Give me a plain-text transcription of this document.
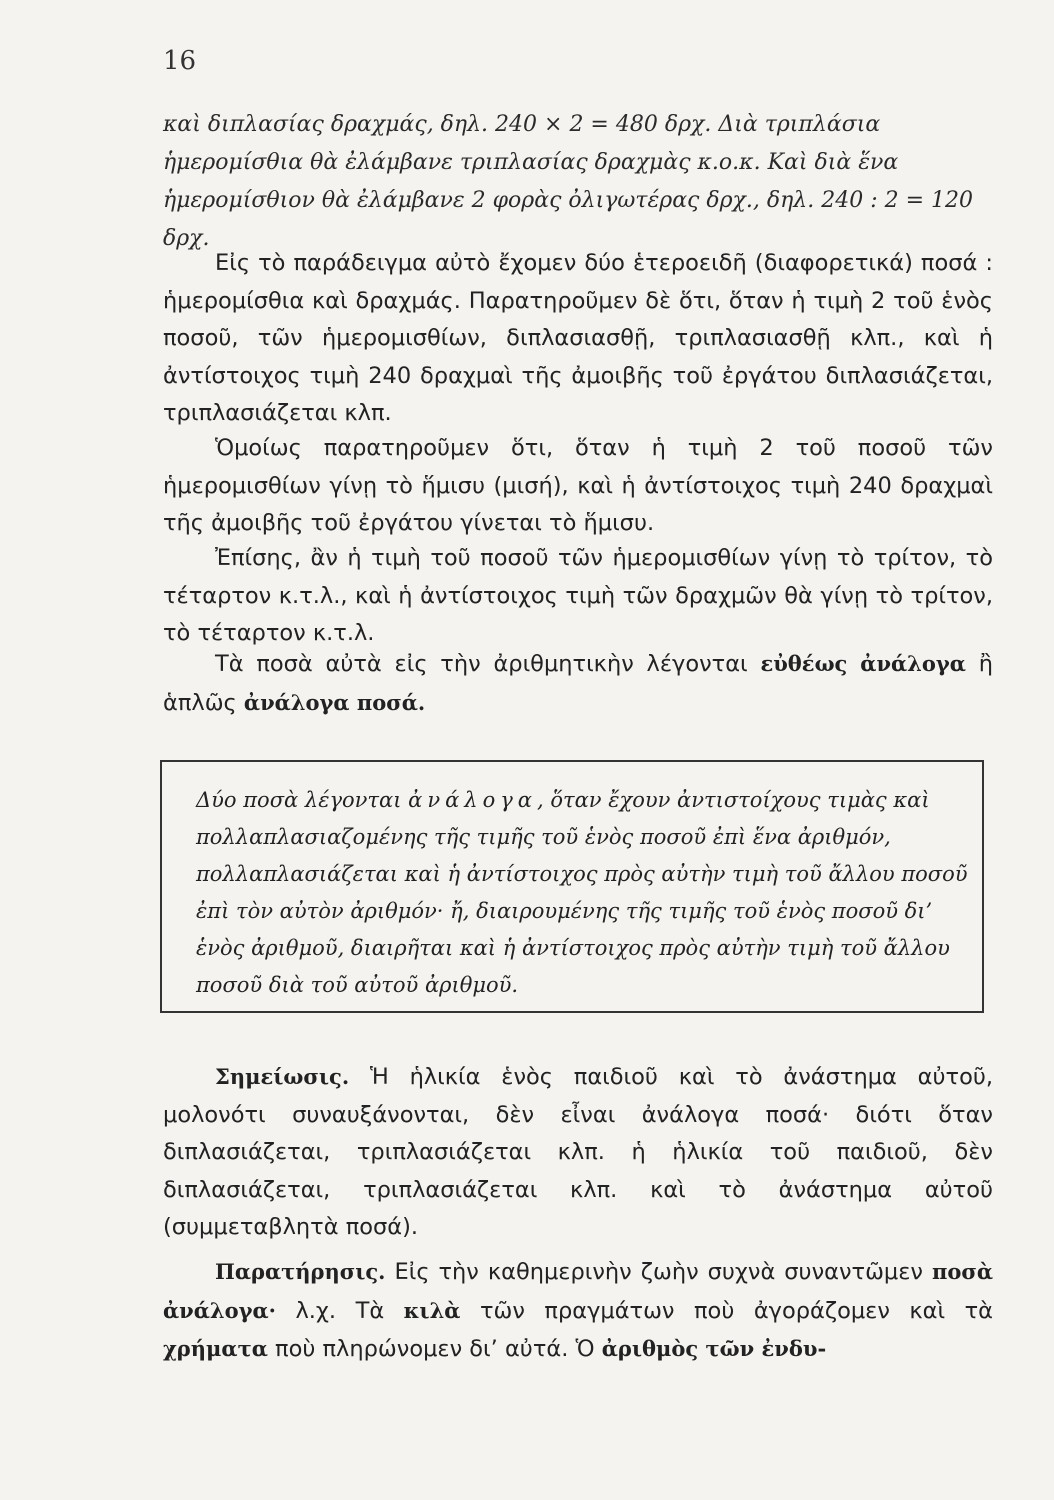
16
καὶ διπλασίας δραχμάς, δηλ. 240 × 2 = 480 δρχ. Διὰ τριπλάσια ἡμερομίσθια θὰ ἐλάμβανε τριπλασίας δραχμὰς κ.ο.κ. Καὶ διὰ ἕνα ἡμερομίσθιον θὰ ἐλάμβανε 2 φορὰς ὀλιγωτέρας δρχ., δηλ. 240 : 2 = 120 δρχ.
Εἰς τὸ παράδειγμα αὐτὸ ἔχομεν δύο ἑτεροειδῆ (διαφορετικά) ποσά : ἡμερομίσθια καὶ δραχμάς. Παρατηροῦμεν δὲ ὅτι, ὅταν ἡ τιμὴ 2 τοῦ ἑνὸς ποσοῦ, τῶν ἡμερομισθίων, διπλασιασθῇ, τριπλασιασθῇ κλπ., καὶ ἡ ἀντίστοιχος τιμὴ 240 δραχμαὶ τῆς ἀμοιβῆς τοῦ ἐργάτου διπλασιάζεται, τριπλασιάζεται κλπ.
Ὁμοίως παρατηροῦμεν ὅτι, ὅταν ἡ τιμὴ 2 τοῦ ποσοῦ τῶν ἡμερομισθίων γίνῃ τὸ ἥμισυ (μισή), καὶ ἡ ἀντίστοιχος τιμὴ 240 δραχμαὶ τῆς ἀμοιβῆς τοῦ ἐργάτου γίνεται τὸ ἥμισυ.
Ἐπίσης, ἂν ἡ τιμὴ τοῦ ποσοῦ τῶν ἡμερομισθίων γίνῃ τὸ τρίτον, τὸ τέταρτον κ.τ.λ., καὶ ἡ ἀντίστοιχος τιμὴ τῶν δραχμῶν θὰ γίνῃ τὸ τρίτον, τὸ τέταρτον κ.τ.λ.
Τὰ ποσὰ αὐτὰ εἰς τὴν ἀριθμητικὴν λέγονται εὐθέως ἀνάλογα ἢ ἁπλῶς ἀνάλογα ποσά.
Δύο ποσὰ λέγονται ἀνάλογα, ὅταν ἔχουν ἀντιστοίχους τιμὰς καὶ πολλαπλασιαζομένης τῆς τιμῆς τοῦ ἑνὸς ποσοῦ ἐπὶ ἕνα ἀριθμόν, πολλαπλασιάζεται καὶ ἡ ἀντίστοιχος πρὸς αὐτὴν τιμὴ τοῦ ἄλλου ποσοῦ ἐπὶ τὸν αὐτὸν ἀριθμόν· ἤ, διαιρουμένης τῆς τιμῆς τοῦ ἑνὸς ποσοῦ δι’ ἑνὸς ἀριθμοῦ, διαιρῆται καὶ ἡ ἀντίστοιχος πρὸς αὐτὴν τιμὴ τοῦ ἄλλου ποσοῦ διὰ τοῦ αὐτοῦ ἀριθμοῦ.
Σημείωσις. Ἡ ἡλικία ἑνὸς παιδιοῦ καὶ τὸ ἀνάστημα αὐτοῦ, μολονότι συναυξάνονται, δὲν εἶναι ἀνάλογα ποσά· διότι ὅταν διπλασιάζεται, τριπλασιάζεται κλπ. ἡ ἡλικία τοῦ παιδιοῦ, δὲν διπλασιάζεται, τριπλασιάζεται κλπ. καὶ τὸ ἀνάστημα αὐτοῦ (συμμεταβλητὰ ποσά).
Παρατήρησις. Εἰς τὴν καθημερινὴν ζωὴν συχνὰ συναντῶμεν ποσὰ ἀνάλογα· λ.χ. Τὰ κιλὰ τῶν πραγμάτων ποὺ ἀγοράζομεν καὶ τὰ χρήματα ποὺ πληρώνομεν δι’ αὐτά. Ὁ ἀριθμὸς τῶν ἐνδυ-
